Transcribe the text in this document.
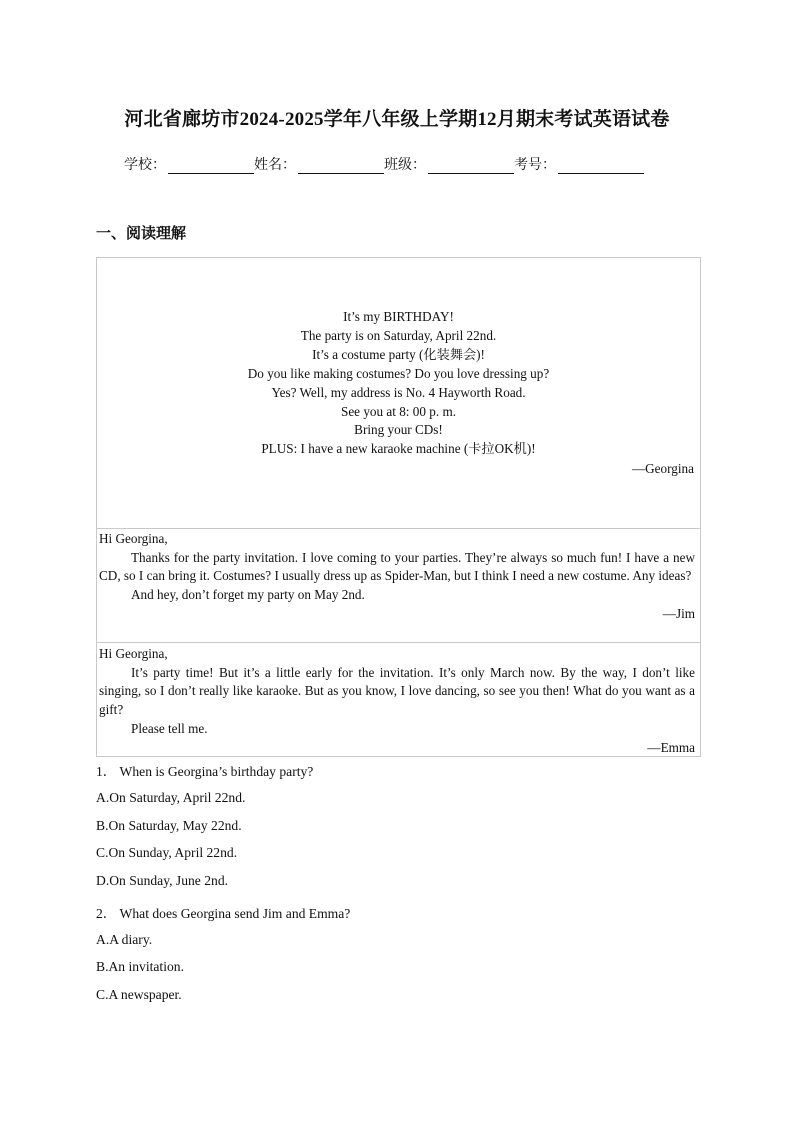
河北省廊坊市2024-2025学年八年级上学期12月期末考试英语试卷
学校：	姓名：	班级：	考号：
一、阅读理解
It’s my BIRTHDAY!
The party is on Saturday, April 22nd.
It’s a costume party (化装舞会)!
Do you like making costumes? Do you love dressing up?
Yes? Well, my address is No. 4 Hayworth Road.
See you at 8: 00 p. m.
Bring your CDs!
PLUS: I have a new karaoke machine (卡拉OK机)!
—Georgina

Hi Georgina,

Thanks for the party invitation. I love coming to your parties. They’re always so much fun! I have a new CD, so I can bring it. Costumes? I usually dress up as Spider-Man, but I think I need a new costume. Any ideas?

And hey, don’t forget my party on May 2nd.

—Jim

Hi Georgina,

It’s party time! But it’s a little early for the invitation. It’s only March now. By the way, I don’t like singing, so I don’t really like karaoke. But as you know, I love dancing, so see you then! What do you want as a gift?

Please tell me.

—Emma

1． When is Georgina’s birthday party?
A.On Saturday, April 22nd.
B.On Saturday, May 22nd.
C.On Sunday, April 22nd.
D.On Sunday, June 2nd.
2． What does Georgina send Jim and Emma?
A.A diary.
B.An invitation.
C.A newspaper.
